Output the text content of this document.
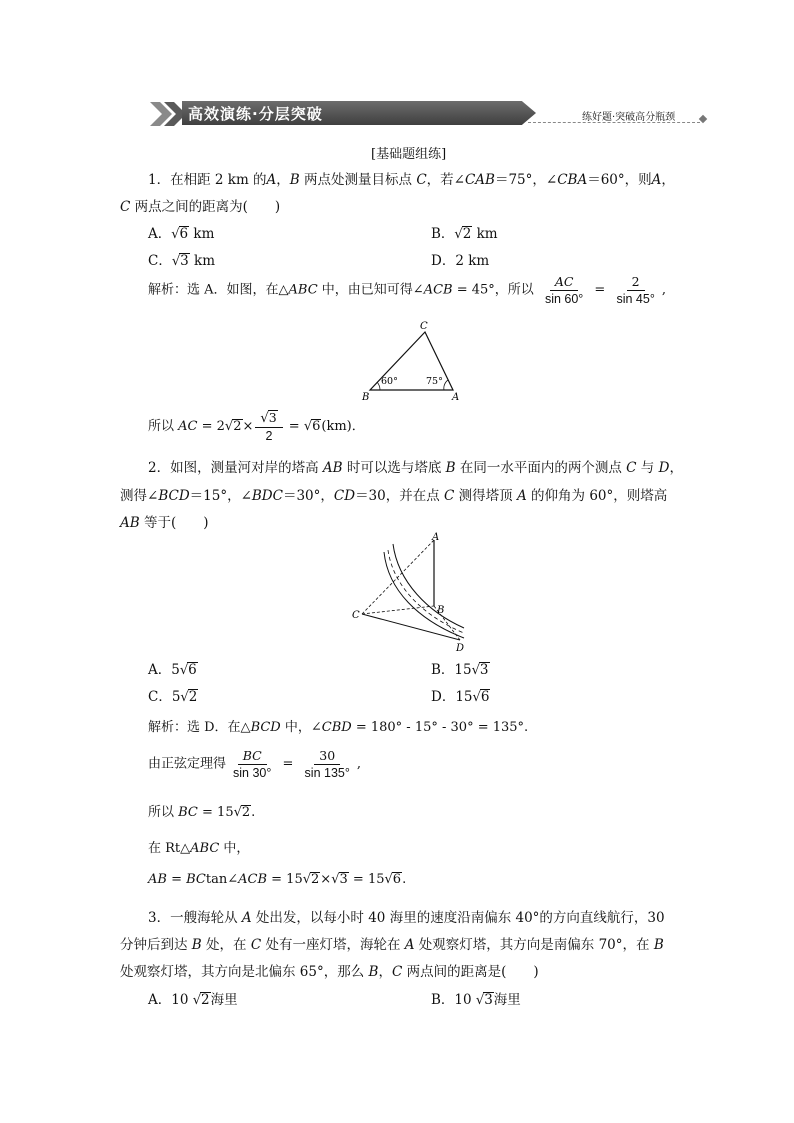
高效演练·分层突破	练好题·突破高分瓶颈
[基础题组练]
1．在相距 2 km 的A，B 两点处测量目标点 C，若∠CAB＝75°，∠CBA＝60°，则A，
C 两点之间的距离为(　　)
A．√6 km	B．√2 km
C．√3 km	D．2 km
解析：选 A．如图，在△ABC 中，由已知可得∠ACB = 45°，所以 $\frac{AC}{\sin 60^\circ} = \frac{2}{\sin 45^\circ}$ ,
C
B	A
60°	75°
所以 AC = $2√2\times \frac{√3}{2} = √6(km)$．
2．如图，测量河对岸的塔高 AB 时可以选与塔底 B 在同一水平面内的两个测点 C 与 D，
测得∠BCD＝15°，∠BDC＝30°，CD＝30，并在点 C 测得塔顶 A 的仰角为 60°，则塔高
AB 等于(　　)
A
B
C
D
A．5√6	B．15√3
C．5√2	D．15√6
解析：选 D．在△BCD 中，∠CBD = 180° - 15° - 30° = 135°.
由正弦定理得 $\frac{BC}{\sin 30^\circ} = \frac{30}{\sin 135^\circ}$ ,
所以 BC = 15√2.
在 Rt△ABC 中，
AB = BCtan∠ACB = 15√2×√3 = 15√6.
3．一艘海轮从 A 处出发，以每小时 40 海里的速度沿南偏东 40°的方向直线航行，30
分钟后到达 B 处，在 C 处有一座灯塔，海轮在 A 处观察灯塔，其方向是南偏东 70°，在 B
处观察灯塔，其方向是北偏东 65°，那么 B，C 两点间的距离是(　　)
A．10 √2海里	B．10 √3海里
